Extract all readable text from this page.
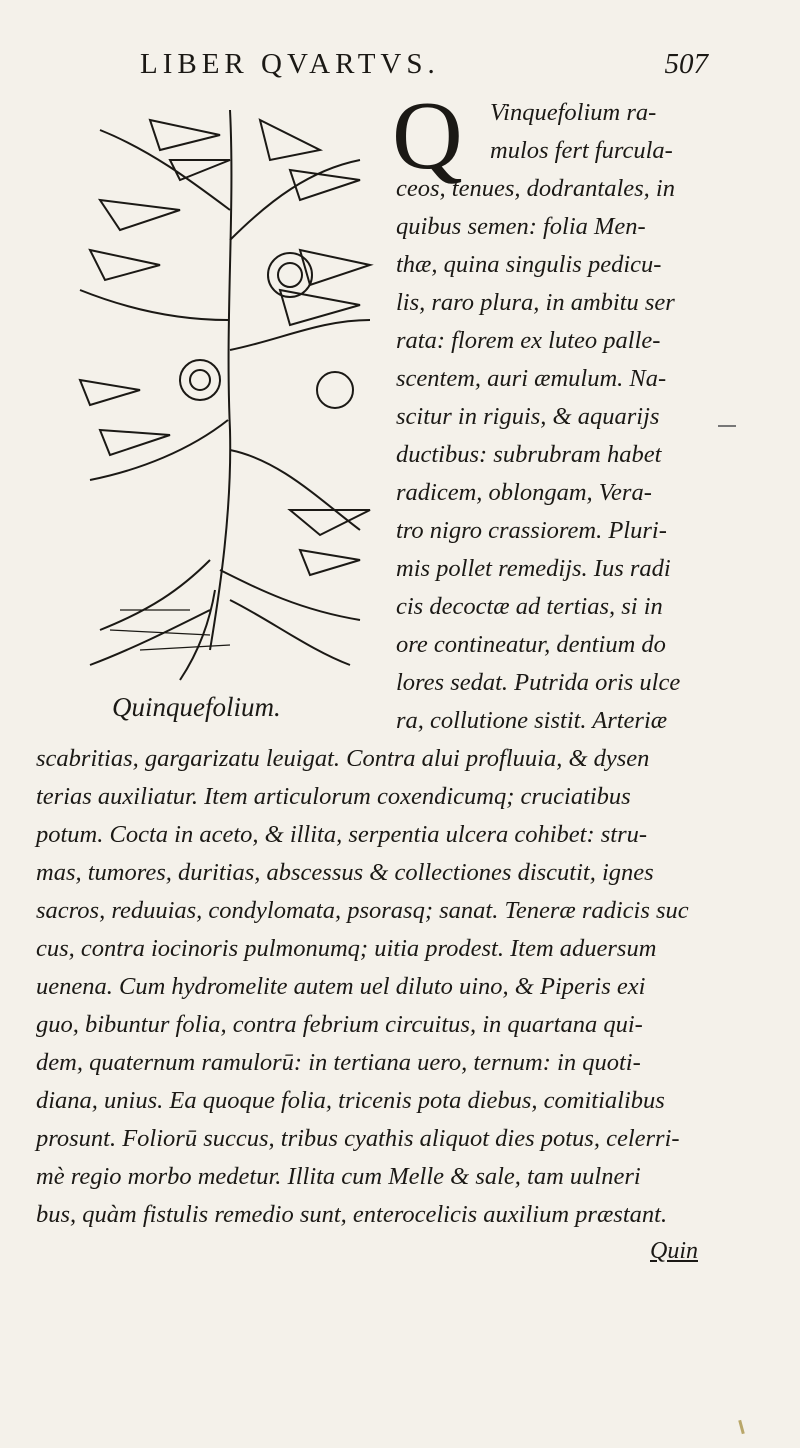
LIBER QVARTVS.	507
Quinquefolium.
Q	Vinquefolium ra-
mulos fert furcula-
ceos, tenues, dodrantales, in
quibus semen: folia Men-
thæ, quina singulis pedicu-
lis, raro plura, in ambitu ser
rata: florem ex luteo palle-
scentem, auri æmulum. Na-
scitur in riguis, & aquarijs
ductibus: subrubram habet
radicem, oblongam, Vera-
tro nigro crassiorem. Pluri-
mis pollet remedijs. Ius radi
cis decoctæ ad tertias, si in
ore contineatur, dentium do
lores sedat. Putrida oris ulce
ra, collutione sistit. Arteriæ
scabritias, gargarizatu leuigat. Contra alui profluuia, & dysen
terias auxiliatur. Item articulorum coxendicumq; cruciatibus
potum. Cocta in aceto, & illita, serpentia ulcera cohibet: stru-
mas, tumores, duritias, abscessus & collectiones discutit, ignes
sacros, reduuias, condylomata, psorasq; sanat. Teneræ radicis suc
cus, contra iocinoris pulmonumq; uitia prodest. Item aduersum
uenena. Cum hydromelite autem uel diluto uino, & Piperis exi
guo, bibuntur folia, contra febrium circuitus, in quartana qui-
dem, quaternum ramulorū: in tertiana uero, ternum: in quoti-
diana, unius. Ea quoque folia, tricenis pota diebus, comitialibus
prosunt. Foliorū succus, tribus cyathis aliquot dies potus, celerri-
mè regio morbo medetur. Illita cum Melle & sale, tam uulneri
bus, quàm fistulis remedio sunt, enterocelicis auxilium præstant.
Quin
